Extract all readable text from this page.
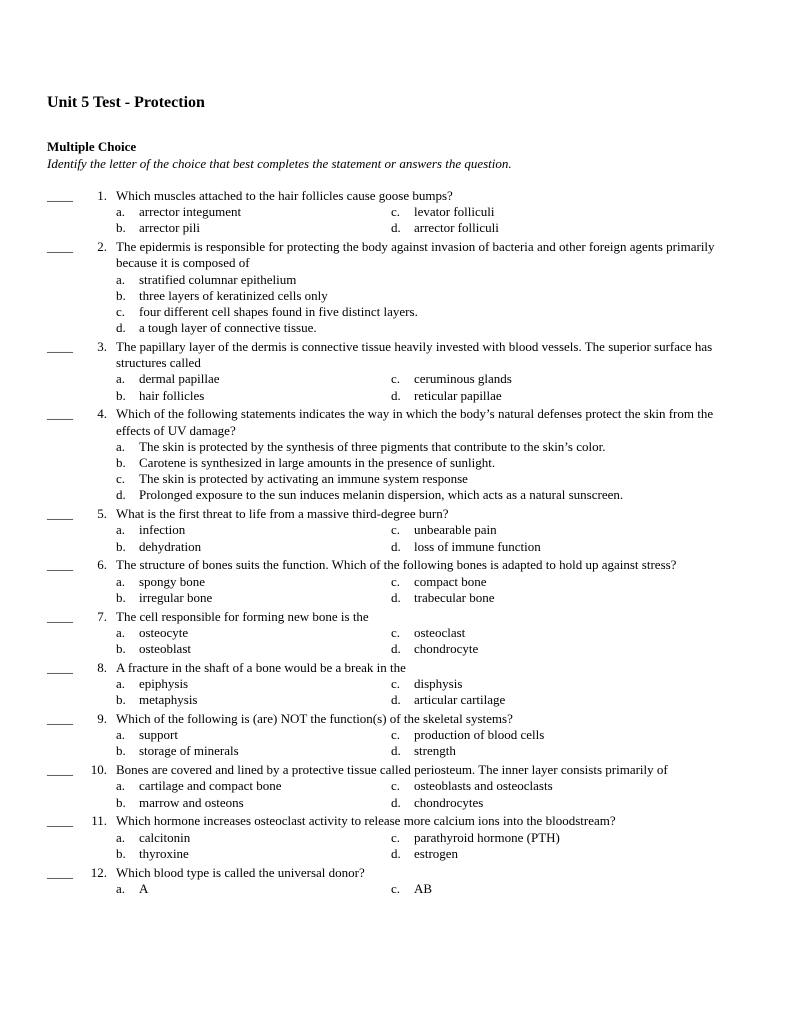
Unit 5 Test - Protection
Multiple Choice

Identify the letter of the choice that best completes the statement or answers the question.

____	1. Which muscles attached to the hair follicles cause goose bumps?
a.	arrector integument	c.	levator folliculi
b.	arrector pili	d.	arrector folliculi
____	2. The epidermis is responsible for protecting the body against invasion of bacteria and other foreign agents primarily because it is composed of
a.	stratified columnar epithelium
b.	three layers of keratinized cells only
c.	four different cell shapes found in five distinct layers.
d.	a tough layer of connective tissue.
____	3. The papillary layer of the dermis is connective tissue heavily invested with blood vessels. The superior surface has structures called
a.	dermal papillae	c.	ceruminous glands
b.	hair follicles	d.	reticular papillae
____	4. Which of the following statements indicates the way in which the body’s natural defenses protect the skin from the effects of UV damage?
a.	The skin is protected by the synthesis of three pigments that contribute to the skin’s color.
b.	Carotene is synthesized in large amounts in the presence of sunlight.
c.	The skin is protected by activating an immune system response
d.	Prolonged exposure to the sun induces melanin dispersion, which acts as a natural sunscreen.
____	5. What is the first threat to life from a massive third-degree burn?
a.	infection	c.	unbearable pain
b.	dehydration	d.	loss of immune function
____	6. The structure of bones suits the function. Which of the following bones is adapted to hold up against stress?
a.	spongy bone	c.	compact bone
b.	irregular bone	d.	trabecular bone
____	7. The cell responsible for forming new bone is the
a.	osteocyte	c.	osteoclast
b.	osteoblast	d.	chondrocyte
____	8. A fracture in the shaft of a bone would be a break in the
a.	epiphysis	c.	disphysis
b.	metaphysis	d.	articular cartilage
____	9. Which of the following is (are) NOT the function(s) of the skeletal systems?
a.	support	c.	production of blood cells
b.	storage of minerals	d.	strength
____	10. Bones are covered and lined by a protective tissue called periosteum. The inner layer consists primarily of
a.	cartilage and compact bone	c.	osteoblasts and osteoclasts
b.	marrow and osteons	d.	chondrocytes
____	11. Which hormone increases osteoclast activity to release more calcium ions into the bloodstream?
a.	calcitonin	c.	parathyroid hormone (PTH)
b.	thyroxine	d.	estrogen
____	12. Which blood type is called the universal donor?
a.	A	c.	AB
